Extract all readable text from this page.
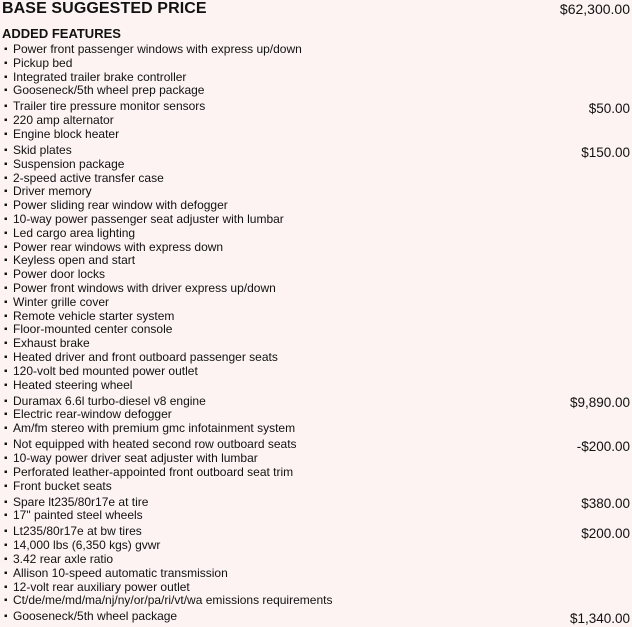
BASE SUGGESTED PRICE	$62,300.00
ADDED FEATURES
▪ Power front passenger windows with express up/down
▪ Pickup bed
▪ Integrated trailer brake controller
▪ Gooseneck/5th wheel prep package
▪ Trailer tire pressure monitor sensors	$50.00
▪ 220 amp alternator
▪ Engine block heater
▪ Skid plates	$150.00
▪ Suspension package
▪ 2-speed active transfer case
▪ Driver memory
▪ Power sliding rear window with defogger
▪ 10-way power passenger seat adjuster with lumbar
▪ Led cargo area lighting
▪ Power rear windows with express down
▪ Keyless open and start
▪ Power door locks
▪ Power front windows with driver express up/down
▪ Winter grille cover
▪ Remote vehicle starter system
▪ Floor-mounted center console
▪ Exhaust brake
▪ Heated driver and front outboard passenger seats
▪ 120-volt bed mounted power outlet
▪ Heated steering wheel
▪ Duramax 6.6l turbo-diesel v8 engine	$9,890.00
▪ Electric rear-window defogger
▪ Am/fm stereo with premium gmc infotainment system
▪ Not equipped with heated second row outboard seats	-$200.00
▪ 10-way power driver seat adjuster with lumbar
▪ Perforated leather-appointed front outboard seat trim
▪ Front bucket seats
▪ Spare lt235/80r17e at tire	$380.00
▪ 17" painted steel wheels
▪ Lt235/80r17e at bw tires	$200.00
▪ 14,000 lbs (6,350 kgs) gvwr
▪ 3.42 rear axle ratio
▪ Allison 10-speed automatic transmission
▪ 12-volt rear auxiliary power outlet
▪ Ct/de/me/md/ma/nj/ny/or/pa/ri/vt/wa emissions requirements
▪ Gooseneck/5th wheel package	$1,340.00
